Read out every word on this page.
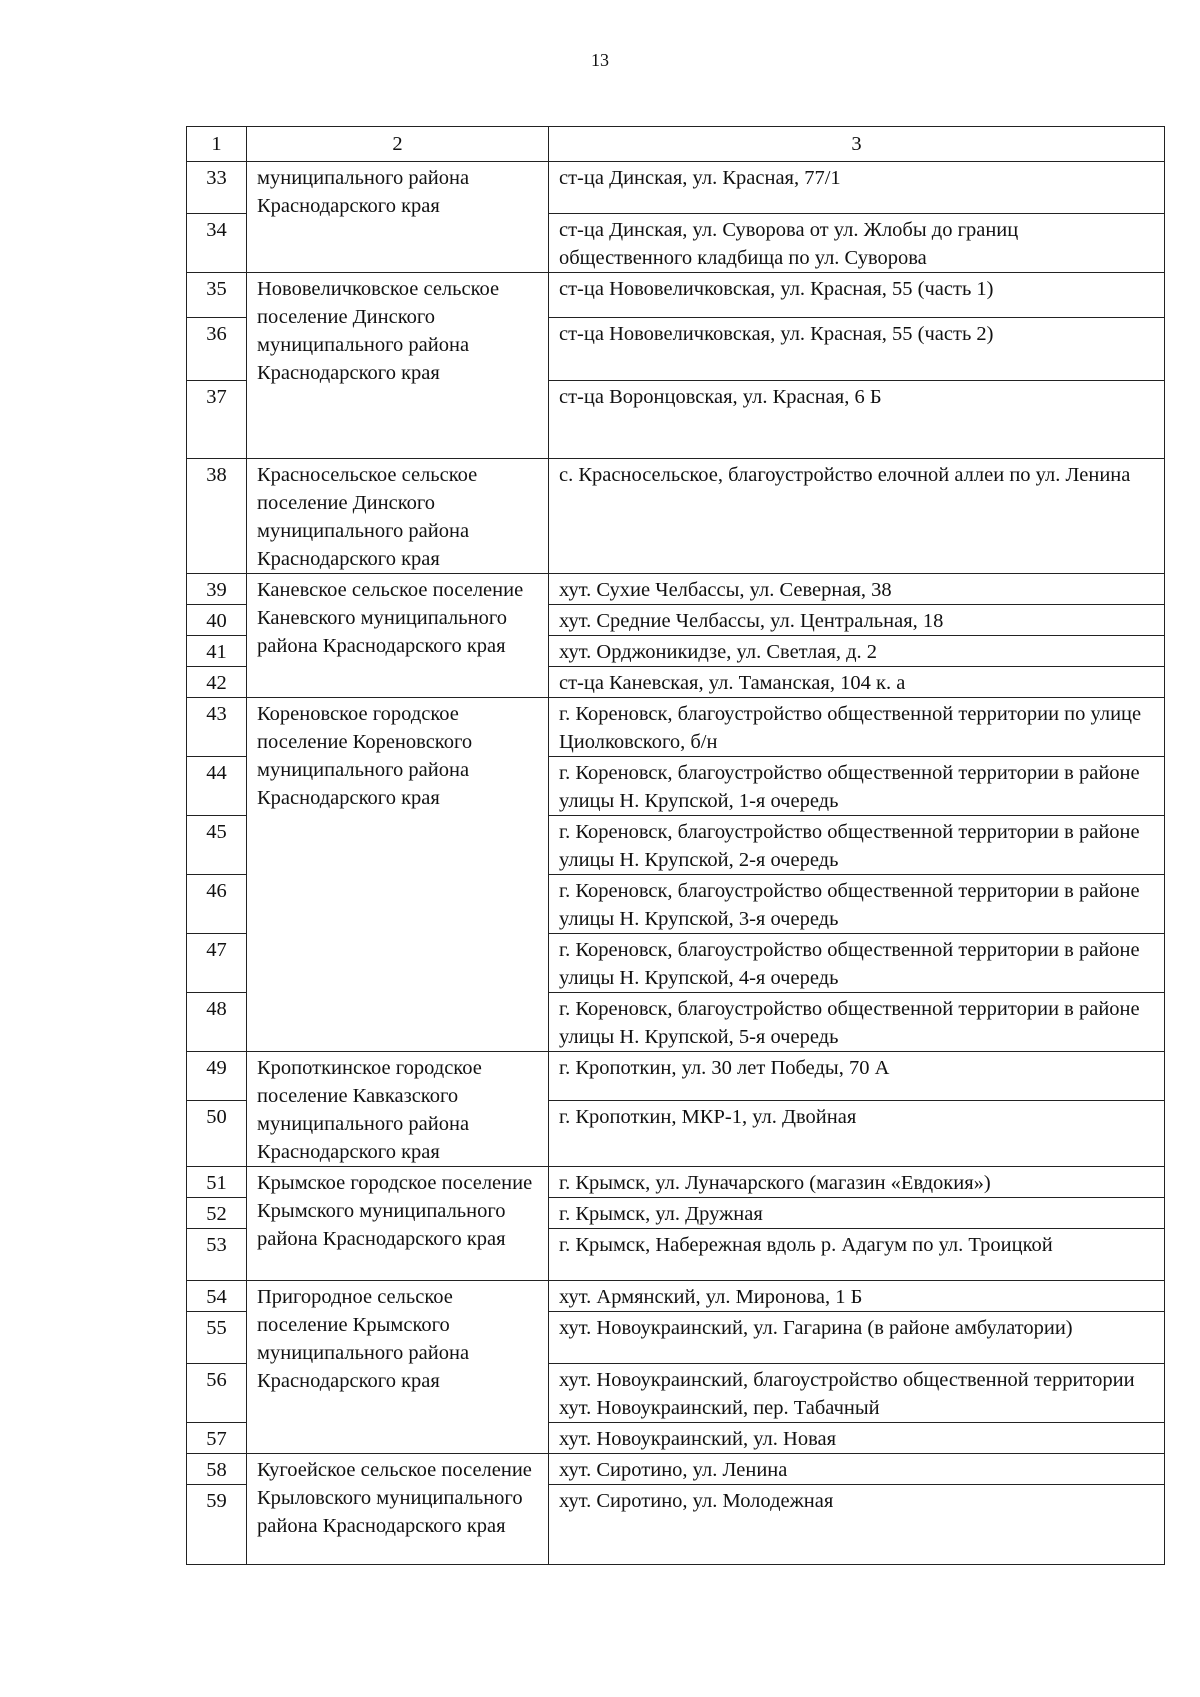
13
1	2	3
33	муниципального района Краснодарского края	ст-ца Динская, ул. Красная, 77/1
34		ст-ца Динская, ул. Суворова от ул. Жлобы до границ общественного кладбища по ул. Суворова
35	Нововеличковское сельское поселение Динского муниципального района Краснодарского края	ст-ца Нововеличковская, ул. Красная, 55 (часть 1)
36		ст-ца Нововеличковская, ул. Красная, 55 (часть 2)
37		ст-ца Воронцовская, ул. Красная, 6 Б
38	Красносельское сельское поселение Динского муниципального района Краснодарского края	с. Красносельское, благоустройство елочной аллеи по ул. Ленина
39	Каневское сельское поселение Каневского муниципального района Краснодарского края	хут. Сухие Челбассы, ул. Северная, 38
40		хут. Средние Челбассы, ул. Центральная, 18
41		хут. Орджоникидзе, ул. Светлая, д. 2
42		ст-ца Каневская, ул. Таманская, 104 к. а
43	Кореновское городское поселение Кореновского муниципального района Краснодарского края	г. Кореновск, благоустройство общественной территории по улице Циолковского, б/н
44		г. Кореновск, благоустройство общественной территории в районе улицы Н. Крупской, 1-я очередь
45		г. Кореновск, благоустройство общественной территории в районе улицы Н. Крупской, 2-я очередь
46		г. Кореновск, благоустройство общественной территории в районе улицы Н. Крупской, 3-я очередь
47		г. Кореновск, благоустройство общественной территории в районе улицы Н. Крупской, 4-я очередь
48		г. Кореновск, благоустройство общественной территории в районе улицы Н. Крупской, 5-я очередь
49	Кропоткинское городское поселение Кавказского муниципального района Краснодарского края	г. Кропоткин, ул. 30 лет Победы, 70 А
50		г. Кропоткин, МКР-1, ул. Двойная
51	Крымское городское поселение Крымского муниципального района Краснодарского края	г. Крымск, ул. Луначарского (магазин «Евдокия»)
52		г. Крымск, ул. Дружная
53		г. Крымск, Набережная вдоль р. Адагум по ул. Троицкой
54	Пригородное сельское поселение Крымского муниципального района Краснодарского края	хут. Армянский, ул. Миронова, 1 Б
55		хут. Новоукраинский, ул. Гагарина (в районе амбулатории)
56		хут. Новоукраинский, благоустройство общественной территории хут. Новоукраинский, пер. Табачный
57		хут. Новоукраинский, ул. Новая
58	Кугоейское сельское поселение Крыловского муниципального района Краснодарского края	хут. Сиротино, ул. Ленина
59		хут. Сиротино, ул. Молодежная
